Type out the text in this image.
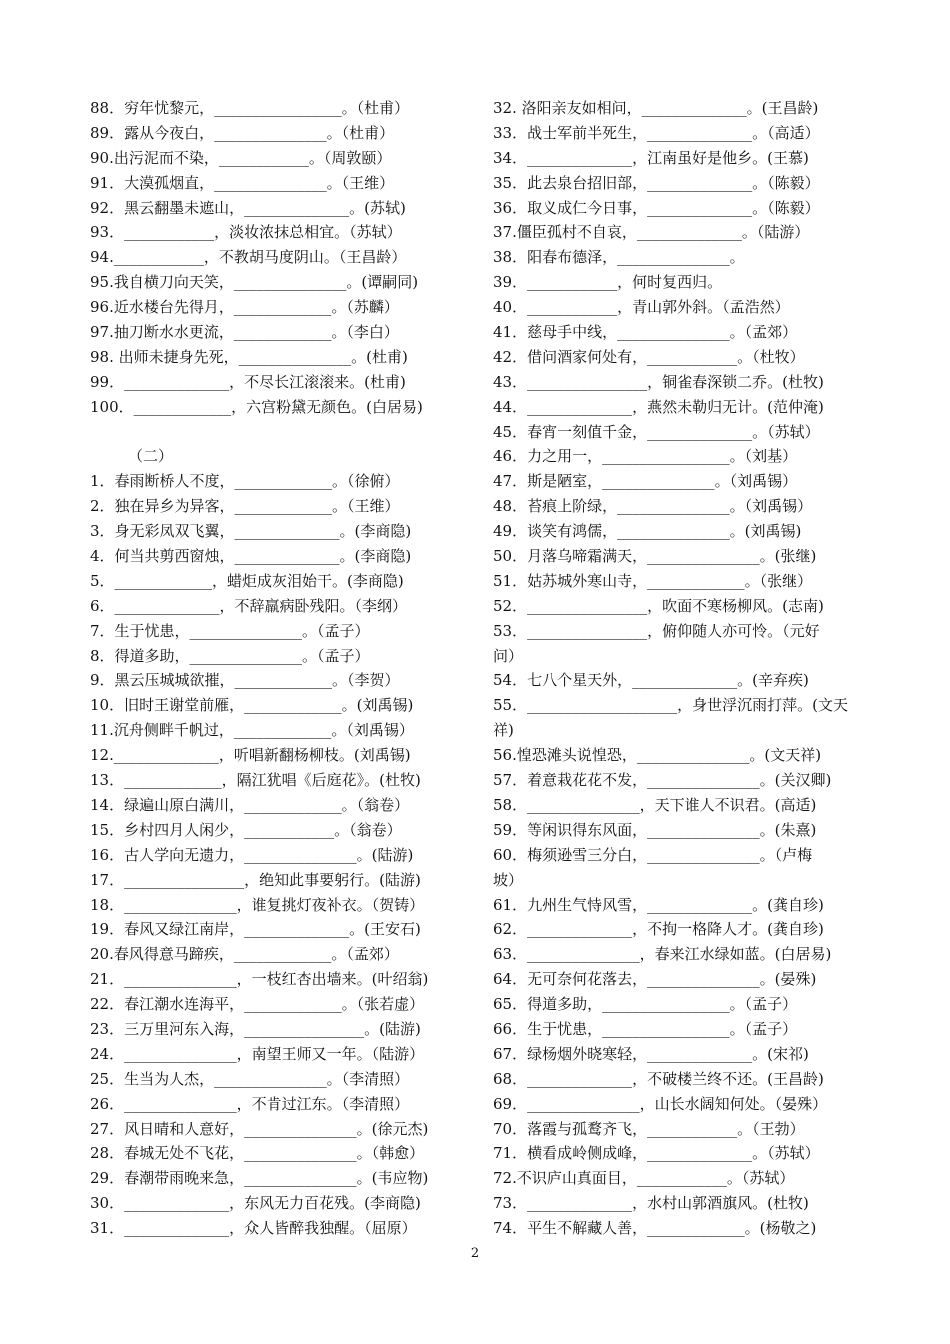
88．穷年忧黎元，_________________。（杜甫）
89．露从今夜白，_______________。（杜甫）
90.出污泥而不染，____________。（周敦颐）
91．大漠孤烟直，_______________。（王维）
92．黑云翻墨未遮山，______________。(苏轼)
93．____________，淡妆浓抹总相宜。（苏轼）
94.____________，不教胡马度阴山。（王昌龄）
95.我自横刀向天笑，_______________。(谭嗣同)
96.近水楼台先得月，_____________。（苏麟）
97.抽刀断水水更流，_____________。（李白）
98. 出师未捷身先死，_______________。(杜甫)
99．______________，不尽长江滚滚来。(杜甫)
100．_____________，六宫粉黛无颜色。(白居易)
（二）
1．春雨断桥人不度，_____________。（徐俯）
2．独在异乡为异客，_____________。（王维）
3．身无彩凤双飞翼，______________。(李商隐)
4．何当共剪西窗烛，______________。(李商隐)
5．_____________，蜡炬成灰泪始干。(李商隐)
6．______________，不辞羸病卧残阳。（李纲）
7．生于忧患，_______________。（孟子）
8．得道多助，_______________。（孟子）
9．黑云压城城欲摧，_____________。（李贺）
10．旧时王谢堂前雁，_____________。(刘禹锡)
11.沉舟侧畔千帆过，_____________。（刘禹锡）
12.______________，听唱新翻杨柳枝。(刘禹锡)
13．_____________，隔江犹唱《后庭花》。(杜牧)
14．绿遍山原白满川，_____________。（翁卷）
15．乡村四月人闲少，____________。（翁卷）
16．古人学向无遗力，_______________。(陆游)
17．________________，绝知此事要躬行。(陆游)
18．_______________，谁复挑灯夜补衣。（贺铸）
19．春风又绿江南岸，______________。(王安石)
20.春风得意马蹄疾，_____________。（孟郊）
21．_______________，一枝红杏出墙来。(叶绍翁)
22．春江潮水连海平，_____________。（张若虚）
23．三万里河东入海，________________。(陆游)
24．_______________，南望王师又一年。（陆游）
25．生当为人杰，_______________。（李清照）
26．_______________，不肯过江东。（李清照）
27．风日晴和人意好，_______________。(徐元杰)
28．春城无处不飞花，_______________。（韩愈）
29．春潮带雨晚来急，_______________。(韦应物)
30．______________，东风无力百花残。(李商隐)
31．______________，众人皆醉我独醒。（屈原）
32. 洛阳亲友如相问，______________。(王昌龄)
33．战士军前半死生，______________。（高适）
34．______________，江南虽好是他乡。(王慕)
35．此去泉台招旧部，______________。（陈毅）
36．取义成仁今日事，______________。（陈毅）
37.僵臣孤村不自哀，______________。（陆游）
38．阳春布德泽，_______________。
39．____________，何时复西归。
40．____________，青山郭外斜。（孟浩然）
41．慈母手中线，_______________。（孟郊）
42．借问酒家何处有，____________。（杜牧）
43．________________，铜雀春深锁二乔。(杜牧)
44．______________，燕然未勒归无计。(范仲淹)
45．春宵一刻值千金，______________。（苏轼）
46．力之用一，_________________。（刘基）
47．斯是陋室，_______________。（刘禹锡）
48．苔痕上阶绿，_______________。（刘禹锡）
49．谈笑有鸿儒，_______________。(刘禹锡)
50．月落乌啼霜满天，_______________。(张继)
51．姑苏城外寒山寺，_____________。（张继）
52．________________，吹面不寒杨柳风。(志南)
53．________________，俯仰随人亦可怜。（元好
问）
54．七八个星天外，______________。(辛弃疾)
55．____________________，身世浮沉雨打萍。(文天
祥)
56.惶恐滩头说惶恐，_______________。(文天祥)
57．着意栽花花不发，_______________。(关汉卿)
58．_______________，天下谁人不识君。(高适)
59．等闲识得东风面，_______________。(朱熹)
60．梅须逊雪三分白，_______________。（卢梅
坡）
61．九州生气恃风雪，______________。(龚自珍)
62．______________，不拘一格降人才。(龚自珍)
63．_______________，春来江水绿如蓝。(白居易)
64．无可奈何花落去，_______________。(晏殊)
65．得道多助，_________________。（孟子）
66．生于忧患，_________________。（孟子）
67．绿杨烟外晓寒轻，______________。(宋祁)
68．______________，不破楼兰终不还。(王昌龄)
69．_______________，山长水阔知何处。（晏殊）
70．落霞与孤鹜齐飞，____________。（王勃）
71．横看成岭侧成峰，______________。（苏轼）
72.不识庐山真面目，____________。（苏轼）
73．______________，水村山郭酒旗风。(杜牧)
74．平生不解藏人善，_____________。(杨敬之)
2
